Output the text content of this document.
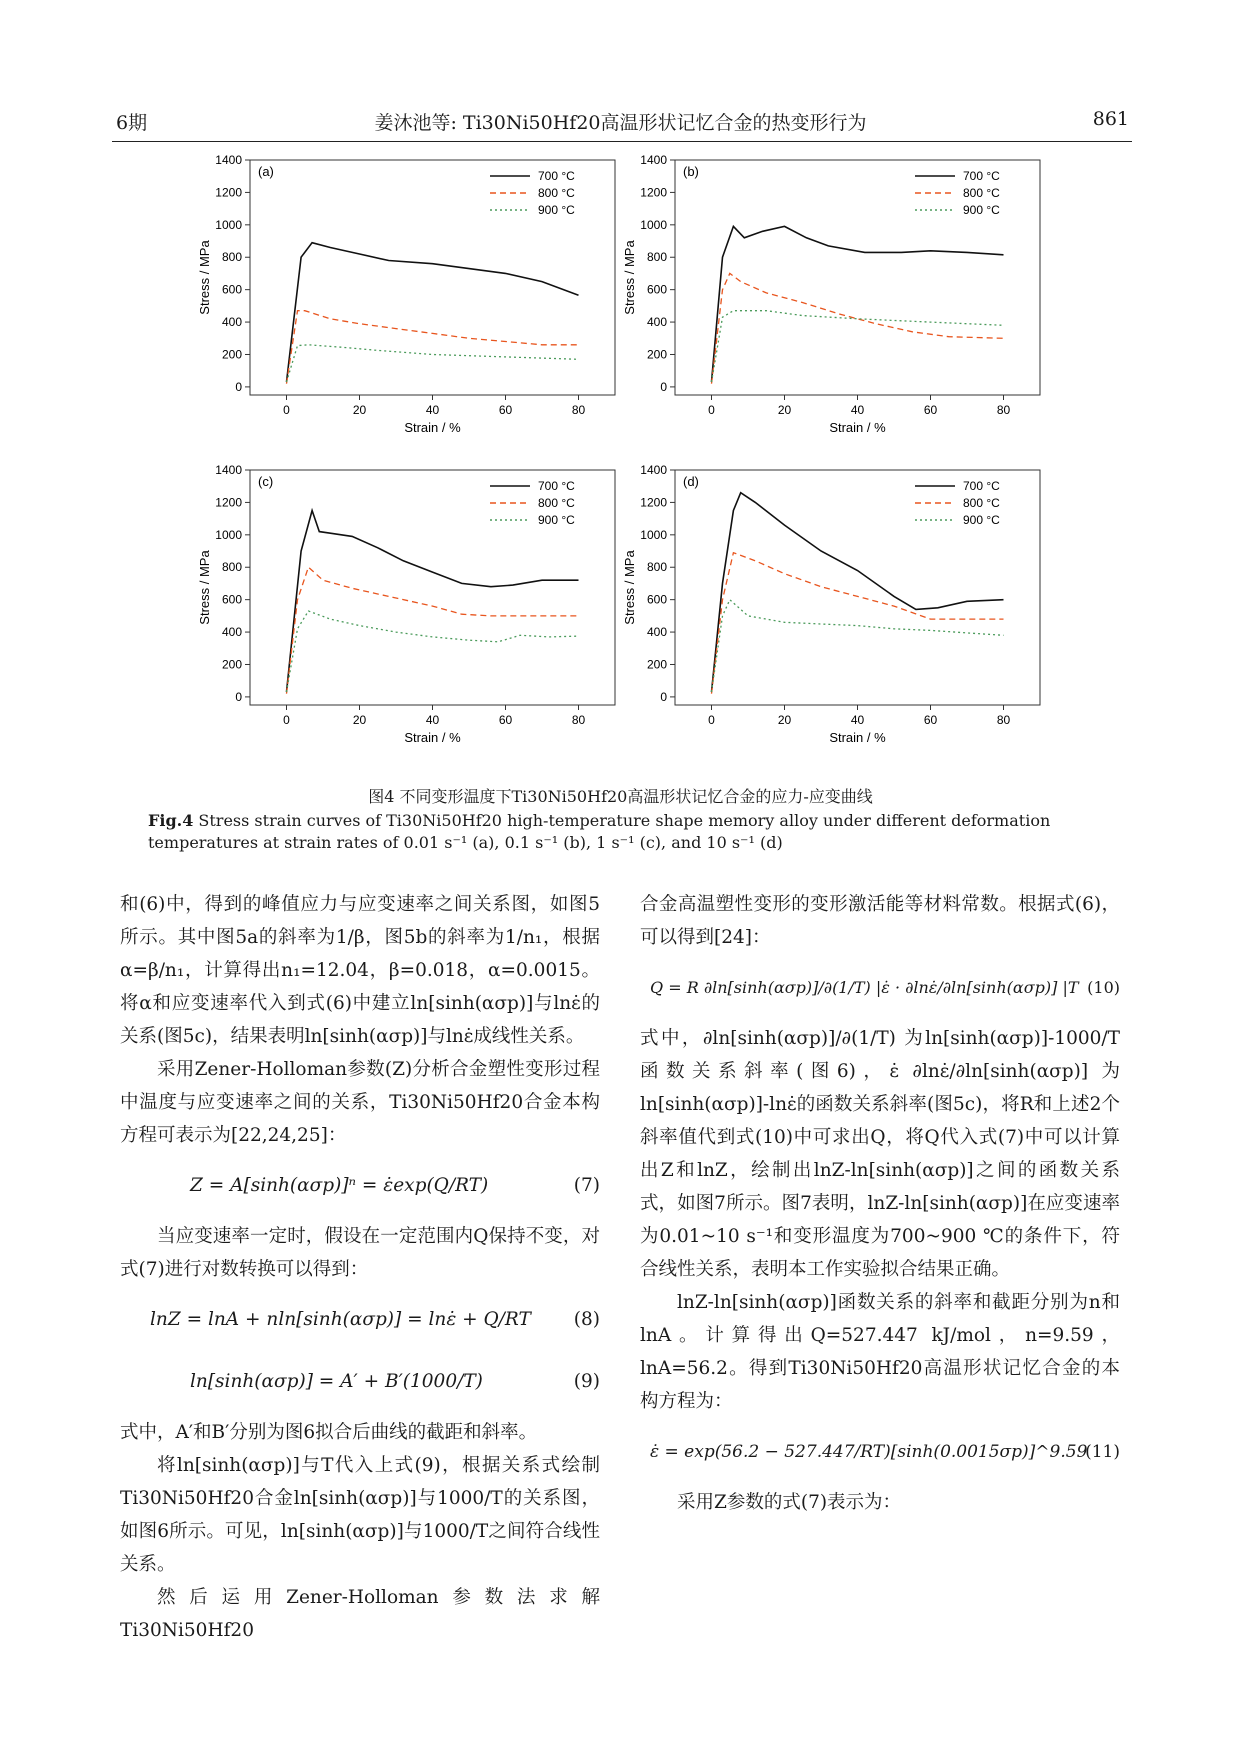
6期	姜沐池等: Ti30Ni50Hf20高温形状记忆合金的热变形行为	861
0	20	40	60	80
0
200
400
600
800
1000
1200
1400
Strain / %
Stress / MPa
(a)	700 °C
800 °C
900 °C
0	20	40	60	80
0
200
400
600
800
1000
1200
1400
Strain / %
Stress / MPa
(b)	700 °C
800 °C
900 °C
0	20	40	60	80
0
200
400
600
800
1000
1200
1400
Strain / %
Stress / MPa
(c)	700 °C
800 °C
900 °C
0	20	40	60	80
0
200
400
600
800
1000
1200
1400
Strain / %
Stress / MPa
(d)	700 °C
800 °C
900 °C
图4 不同变形温度下Ti30Ni50Hf20高温形状记忆合金的应力-应变曲线
Fig.4 Stress strain curves of Ti30Ni50Hf20 high-temperature shape memory alloy under different deformation temperatures at strain rates of 0.01 s⁻¹ (a), 0.1 s⁻¹ (b), 1 s⁻¹ (c), and 10 s⁻¹ (d)

和(6)中，得到的峰值应力与应变速率之间关系图，如图5所示。其中图5a的斜率为1/β，图5b的斜率为1/n₁，根据α=β/n₁，计算得出n₁=12.04，β=0.018，α=0.0015。将α和应变速率代入到式(6)中建立ln[sinh(ασp)]与lnε̇的关系(图5c)，结果表明ln[sinh(ασp)]与lnε̇成线性关系。

采用Zener-Holloman参数(Z)分析合金塑性变形过程中温度与应变速率之间的关系，Ti30Ni50Hf20合金本构方程可表示为[22,24,25]：

Z = A[sinh(ασp)]ⁿ = ε̇exp(Q/RT)	(7)

当应变速率一定时，假设在一定范围内Q保持不变，对式(7)进行对数转换可以得到：

lnZ = lnA + nln[sinh(ασp)] = lnε̇ + Q/RT (8)
ln[sinh(ασp)] = A′ + B′(1000/T)	(9)

式中，A′和B′分别为图6拟合后曲线的截距和斜率。

将ln[sinh(ασp)]与T代入上式(9)，根据关系式绘制Ti30Ni50Hf20合金ln[sinh(ασp)]与1000/T的关系图，如图6所示。可见，ln[sinh(ασp)]与1000/T之间符合线性关系。

然后运用Zener-Holloman参数法求解Ti30Ni50Hf20

合金高温塑性变形的变形激活能等材料常数。根据式(6)，可以得到[24]：

Q = R ∂ln[sinh(ασp)]/∂(1/T) |ε̇ · ∂lnε̇/∂ln[sinh(ασp)] |T (10)

式中，∂ln[sinh(ασp)]/∂(1/T) 为ln[sinh(ασp)]-1000/T函数关系斜率(图6)，ε̇ ∂lnε̇/∂ln[sinh(ασp)] 为ln[sinh(ασp)]-lnε̇的函数关系斜率(图5c)，将R和上述2个斜率值代到式(10)中可求出Q，将Q代入式(7)中可以计算出Z和lnZ，绘制出lnZ-ln[sinh(ασp)]之间的函数关系式，如图7所示。图7表明，lnZ-ln[sinh(ασp)]在应变速率为0.01~10 s⁻¹和变形温度为700~900 ℃的条件下，符合线性关系，表明本工作实验拟合结果正确。

lnZ-ln[sinh(ασp)]函数关系的斜率和截距分别为n和lnA。计算得出Q=527.447 kJ/mol，n=9.59，lnA=56.2。得到Ti30Ni50Hf20高温形状记忆合金的本构方程为：

ε̇ = exp(56.2 − 527.447/RT)[sinh(0.0015σp)]^9.59
(11)

采用Z参数的式(7)表示为：
